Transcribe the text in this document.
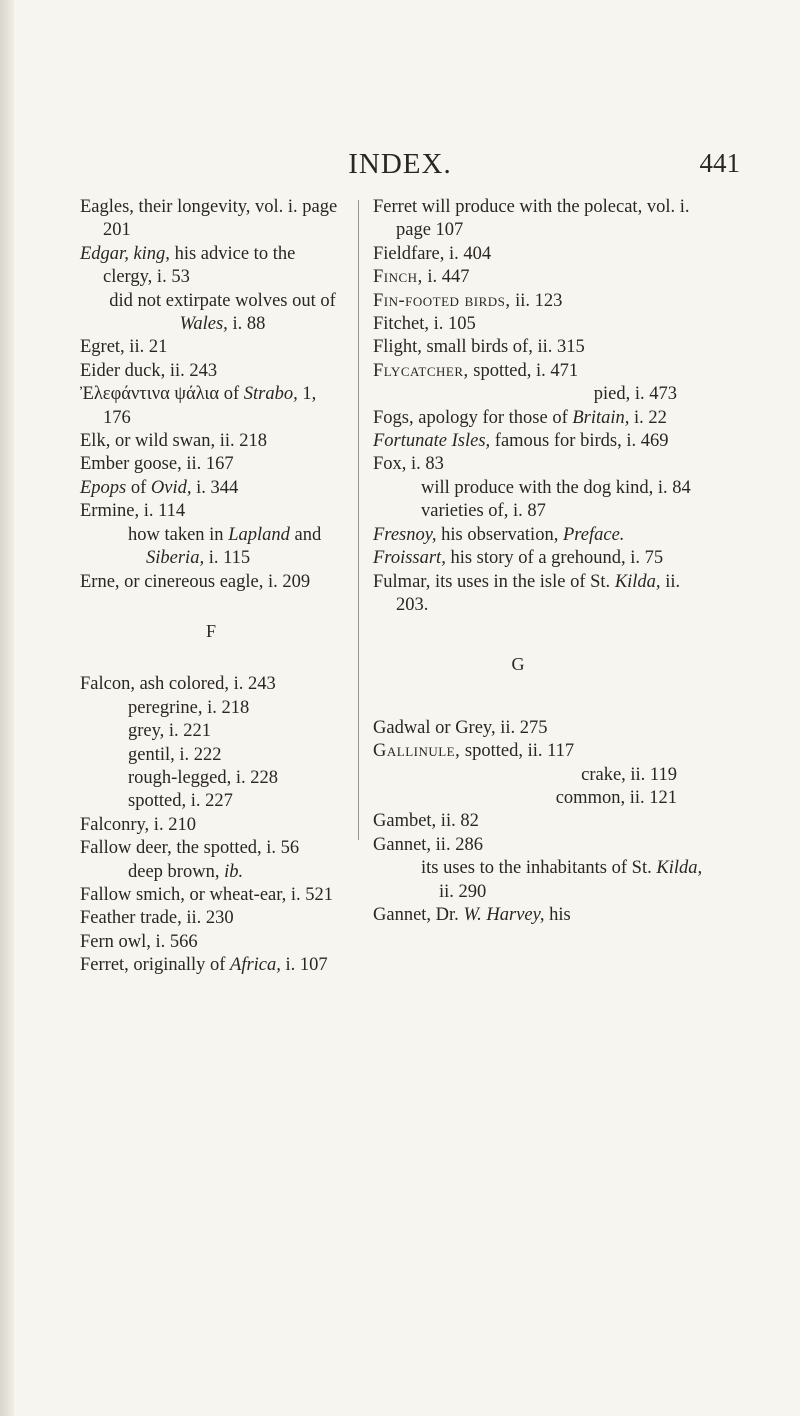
INDEX.	441
Eagles, their longevity, vol. i. page 201
Edgar, king, his advice to the clergy, i. 53
did not extirpate wolves out of Wales, i. 88
Egret, ii. 21
Eider duck, ii. 243
Ἐλεφάντινα ψάλια of Strabo, 1, 176
Elk, or wild swan, ii. 218
Ember goose, ii. 167
Epops of Ovid, i. 344
Ermine, i. 114
how taken in Lapland and Siberia, i. 115
Erne, or cinereous eagle, i. 209
F
Falcon, ash colored, i. 243
peregrine, i. 218
grey, i. 221
gentil, i. 222
rough-legged, i. 228
spotted, i. 227
Falconry, i. 210
Fallow deer, the spotted, i. 56
deep brown, ib.
Fallow smich, or wheat-ear, i. 521
Feather trade, ii. 230
Fern owl, i. 566
Ferret, originally of Africa, i. 107
Ferret will produce with the polecat, vol. i. page 107
Fieldfare, i. 404
Finch, i. 447
Fin-footed birds, ii. 123
Fitchet, i. 105
Flight, small birds of, ii. 315
Flycatcher, spotted, i. 471
pied, i. 473
Fogs, apology for those of Britain, i. 22
Fortunate Isles, famous for birds, i. 469
Fox, i. 83
will produce with the dog kind, i. 84
varieties of, i. 87
Fresnoy, his observation, Preface.
Froissart, his story of a grehound, i. 75
Fulmar, its uses in the isle of St. Kilda, ii. 203.
G
Gadwal or Grey, ii. 275
Gallinule, spotted, ii. 117
crake, ii. 119
common, ii. 121
Gambet, ii. 82
Gannet, ii. 286
its uses to the inhabitants of St. Kilda, ii. 290
Gannet, Dr. W. Harvey, his
